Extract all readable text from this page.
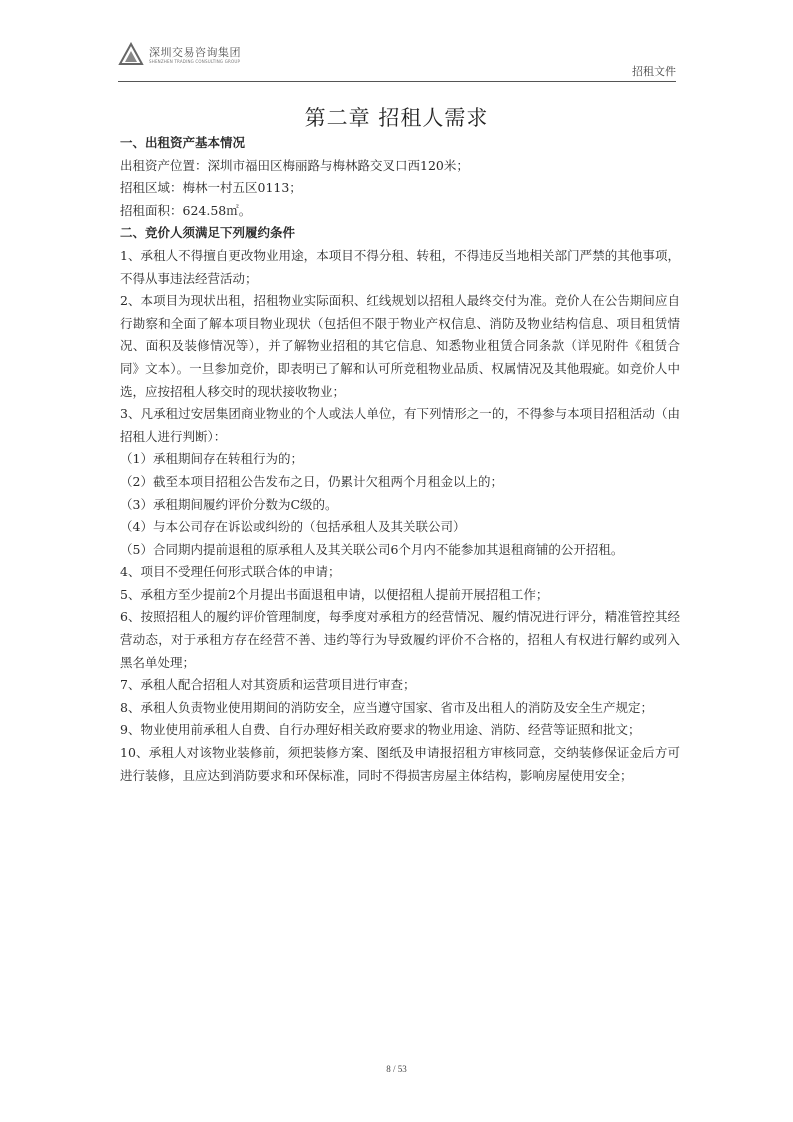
深圳交易咨询集团
SHENZHEN TRADING CONSULTING GROUP
招租文件
第二章 招租人需求

一、出租资产基本情况

出租资产位置：深圳市福田区梅丽路与梅林路交叉口西120米；

招租区域：梅林一村五区0113；

招租面积：624.58㎡。

二、竞价人须满足下列履约条件

1、承租人不得擅自更改物业用途，本项目不得分租、转租，不得违反当地相关部门严禁的其他事项，不得从事违法经营活动；

2、本项目为现状出租，招租物业实际面积、红线规划以招租人最终交付为准。竞价人在公告期间应自行勘察和全面了解本项目物业现状（包括但不限于物业产权信息、消防及物业结构信息、项目租赁情况、面积及装修情况等），并了解物业招租的其它信息、知悉物业租赁合同条款（详见附件《租赁合同》文本）。一旦参加竞价，即表明已了解和认可所竞租物业品质、权属情况及其他瑕疵。如竞价人中选，应按招租人移交时的现状接收物业；

3、凡承租过安居集团商业物业的个人或法人单位，有下列情形之一的，不得参与本项目招租活动（由招租人进行判断）：

（1）承租期间存在转租行为的；

（2）截至本项目招租公告发布之日，仍累计欠租两个月租金以上的；

（3）承租期间履约评价分数为C级的。

（4）与本公司存在诉讼或纠纷的（包括承租人及其关联公司）

（5）合同期内提前退租的原承租人及其关联公司6个月内不能参加其退租商铺的公开招租。

4、项目不受理任何形式联合体的申请；

5、承租方至少提前2个月提出书面退租申请，以便招租人提前开展招租工作；

6、按照招租人的履约评价管理制度，每季度对承租方的经营情况、履约情况进行评分，精准管控其经营动态，对于承租方存在经营不善、违约等行为导致履约评价不合格的，招租人有权进行解约或列入黑名单处理；

7、承租人配合招租人对其资质和运营项目进行审查；

8、承租人负责物业使用期间的消防安全，应当遵守国家、省市及出租人的消防及安全生产规定；

9、物业使用前承租人自费、自行办理好相关政府要求的物业用途、消防、经营等证照和批文；

10、承租人对该物业装修前，须把装修方案、图纸及申请报招租方审核同意，交纳装修保证金后方可进行装修，且应达到消防要求和环保标准，同时不得损害房屋主体结构，影响房屋使用安全；

8 / 53
